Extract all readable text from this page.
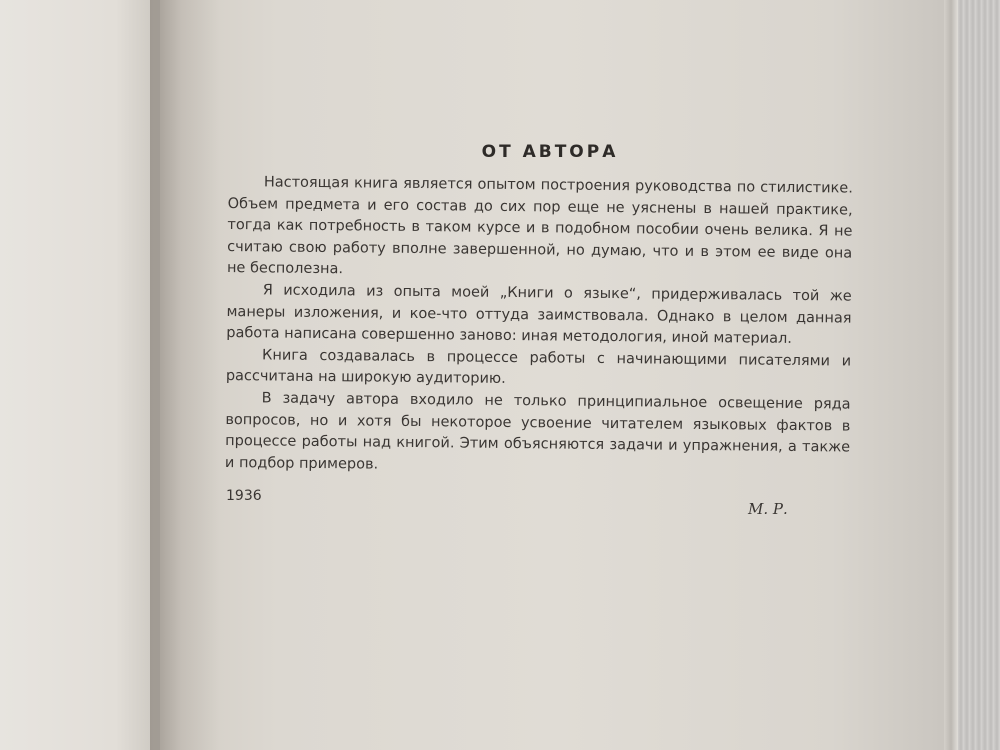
ОТ АВТОРА

Настоящая книга является опытом построения руководства по стилистике. Объем предмета и его состав до сих пор еще не уяснены в нашей практике, тогда как потребность в таком курсе и в подобном пособии очень велика. Я не считаю свою работу вполне завершенной, но думаю, что и в этом ее виде она не бесполезна.

Я исходила из опыта моей „Книги о языке“, придерживалась той же манеры изложения, и кое-что оттуда заимствовала. Однако в целом данная работа написана совершенно заново: иная методология, иной материал.

Книга создавалась в процессе работы с начинающими писателями и рассчитана на широкую аудиторию.

В задачу автора входило не только принципиальное освещение ряда вопросов, но и хотя бы некоторое усвоение читателем языковых фактов в процессе работы над книгой. Этим объясняются задачи и упражнения, а также и подбор примеров.

1936
М. Р.
